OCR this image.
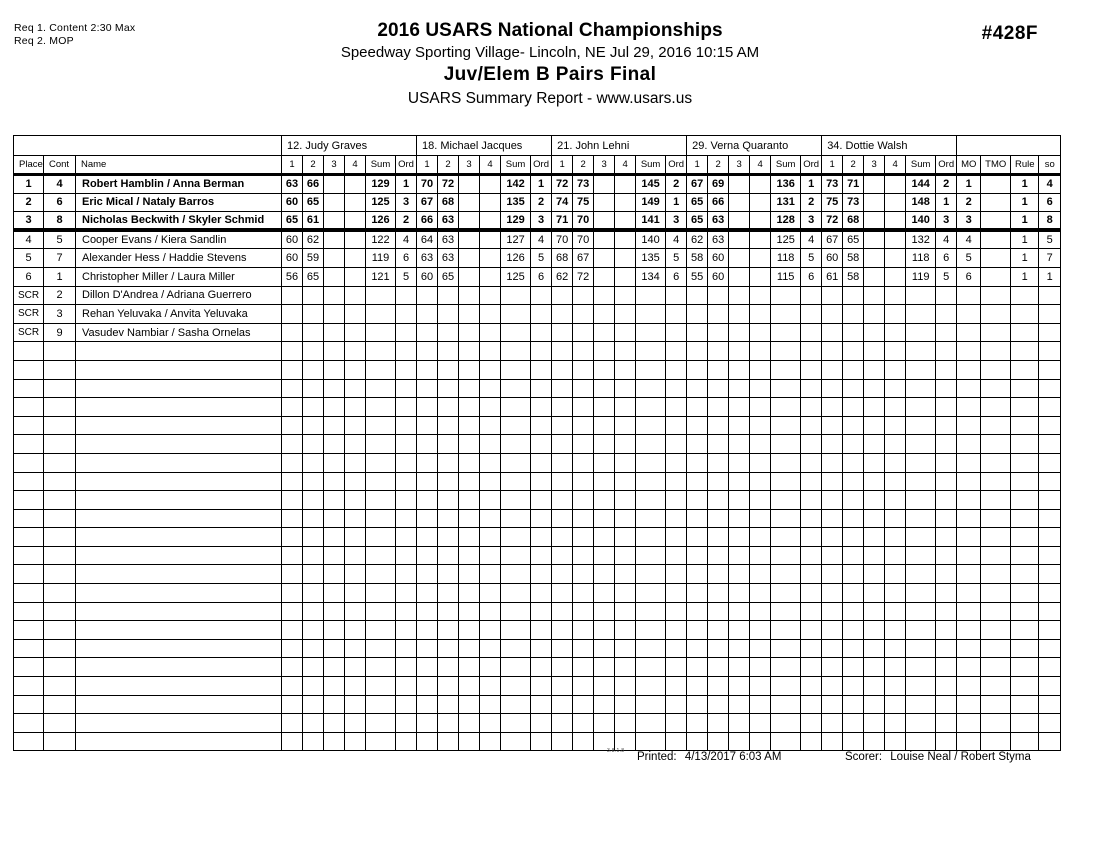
Req 1. Content 2:30 Max
Req 2. MOP	2016 USARS National Championships
Speedway Sporting Village- Lincoln, NE Jul 29, 2016 10:15 AM
Juv/Elem B Pairs Final
USARS Summary Report - www.usars.us
#428F
			12. Judy Graves						18. Michael Jacques						21. John Lehni						29. Verna Quaranto						34. Dottie Walsh									
Place	Cont	Name	1	2	3	4	Sum	Ord	1	2	3	4	Sum	Ord	1	2	3	4	Sum	Ord	1	2	3	4	Sum	Ord	1	2	3	4	Sum	Ord	MO	TMO	Rule	so
1	4	Robert Hamblin / Anna Berman	63	66			129	1	70	72			142	1	72	73			145	2	67	69			136	1	73	71			144	2	1		1	4
2	6	Eric Mical / Nataly Barros	60	65			125	3	67	68			135	2	74	75			149	1	65	66			131	2	75	73			148	1	2		1	6
3	8	Nicholas Beckwith / Skyler Schmid	65	61			126	2	66	63			129	3	71	70			141	3	65	63			128	3	72	68			140	3	3		1	8
4	5	Cooper Evans / Kiera Sandlin	60	62			122	4	64	63			127	4	70	70			140	4	62	63			125	4	67	65			132	4	4		1	5
5	7	Alexander Hess / Haddie Stevens	60	59			119	6	63	63			126	5	68	67			135	5	58	60			118	5	60	58			118	6	5		1	7
6	1	Christopher Miller / Laura Miller	56	65			121	5	60	65			125	6	62	72			134	6	55	60			115	6	61	58			119	5	6		1	1
SCR	2	Dillon D'Andrea / Adriana Guerrero																																		
SCR	3	Rehan Yeluvaka / Anvita Yeluvaka																																		
SCR	9	Vasudev Nambiar / Sasha Ornelas																																		

3.8.1.8 Printed: 4/13/2017 6:03 AM	Scorer: Louise Neal / Robert Styma
